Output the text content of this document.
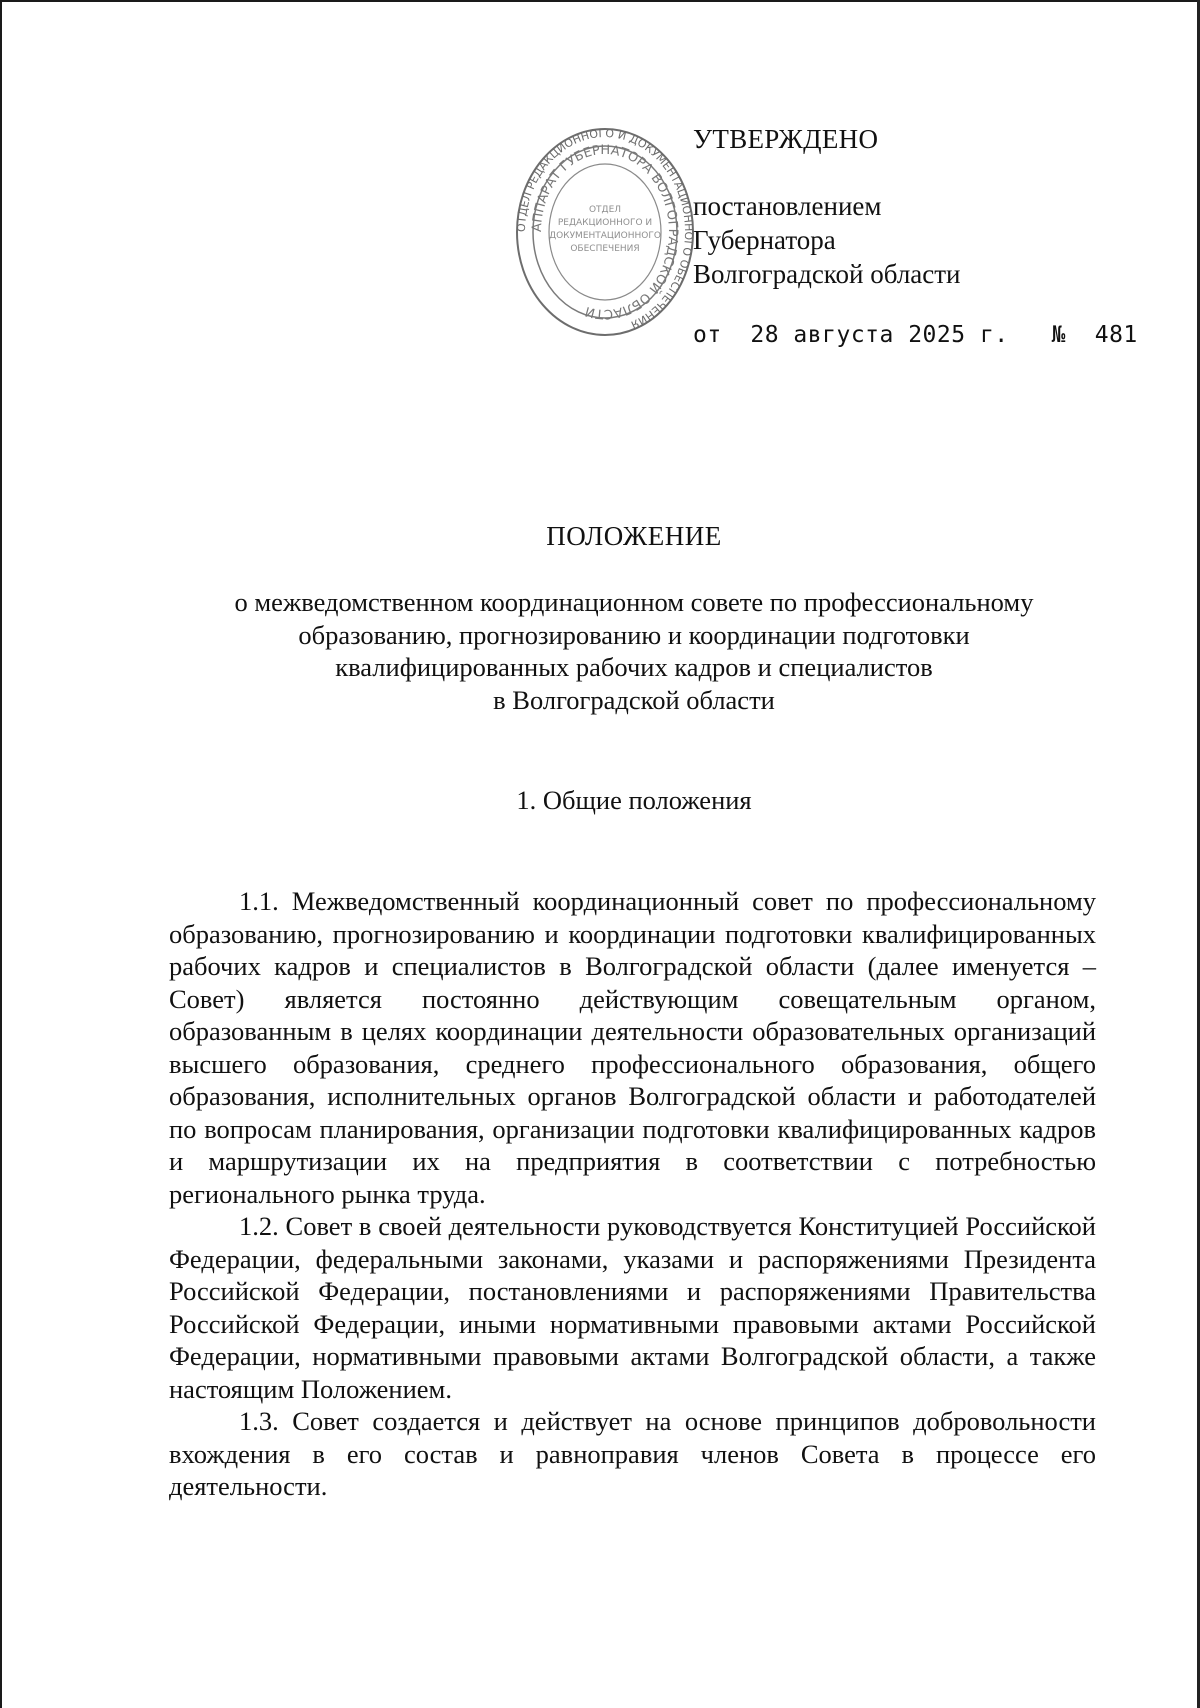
ОТДЕЛ РЕДАКЦИОННОГО И ДОКУМЕНТАЦИОННОГО ОБЕСПЕЧЕНИЯ
АППАРАТ ГУБЕРНАТОРА ВОЛГОГРАДСКОЙ ОБЛАСТИ
ОТДЕЛ
РЕДАКЦИОННОГО И
ДОКУМЕНТАЦИОННОГО
ОБЕСПЕЧЕНИЯ
УТВЕРЖДЕНО
постановлением
Губернатора
Волгоградской области
от  28 августа 2025 г.   №  481
ПОЛОЖЕНИЕ
о межведомственном координационном совете по профессиональному
образованию, прогнозированию и координации подготовки
квалифицированных рабочих кадров и специалистов
в Волгоградской области
1. Общие положения

1.1. Межведомственный координационный совет по профессиональному образованию, прогнозированию и координации подготовки квалифицированных рабочих кадров и специалистов в Волгоградской области (далее именуется – Совет) является постоянно действующим совещательным органом, образованным в целях координации деятельности образовательных организаций высшего образования, среднего профессионального образования, общего образования, исполнительных органов Волгоградской области и работодателей по вопросам планирования, организации подготовки квалифицированных кадров и маршрутизации их на предприятия в соответствии с потребностью регионального рынка труда.

1.2. Совет в своей деятельности руководствуется Конституцией Российской Федерации, федеральными законами, указами и распоряжениями Президента Российской Федерации, постановлениями и распоряжениями Правительства Российской Федерации, иными нормативными правовыми актами Российской Федерации, нормативными правовыми актами Волгоградской области, а также настоящим Положением.

1.3. Совет создается и действует на основе принципов добровольности вхождения в его состав и равноправия членов Совета в процессе его деятельности.
